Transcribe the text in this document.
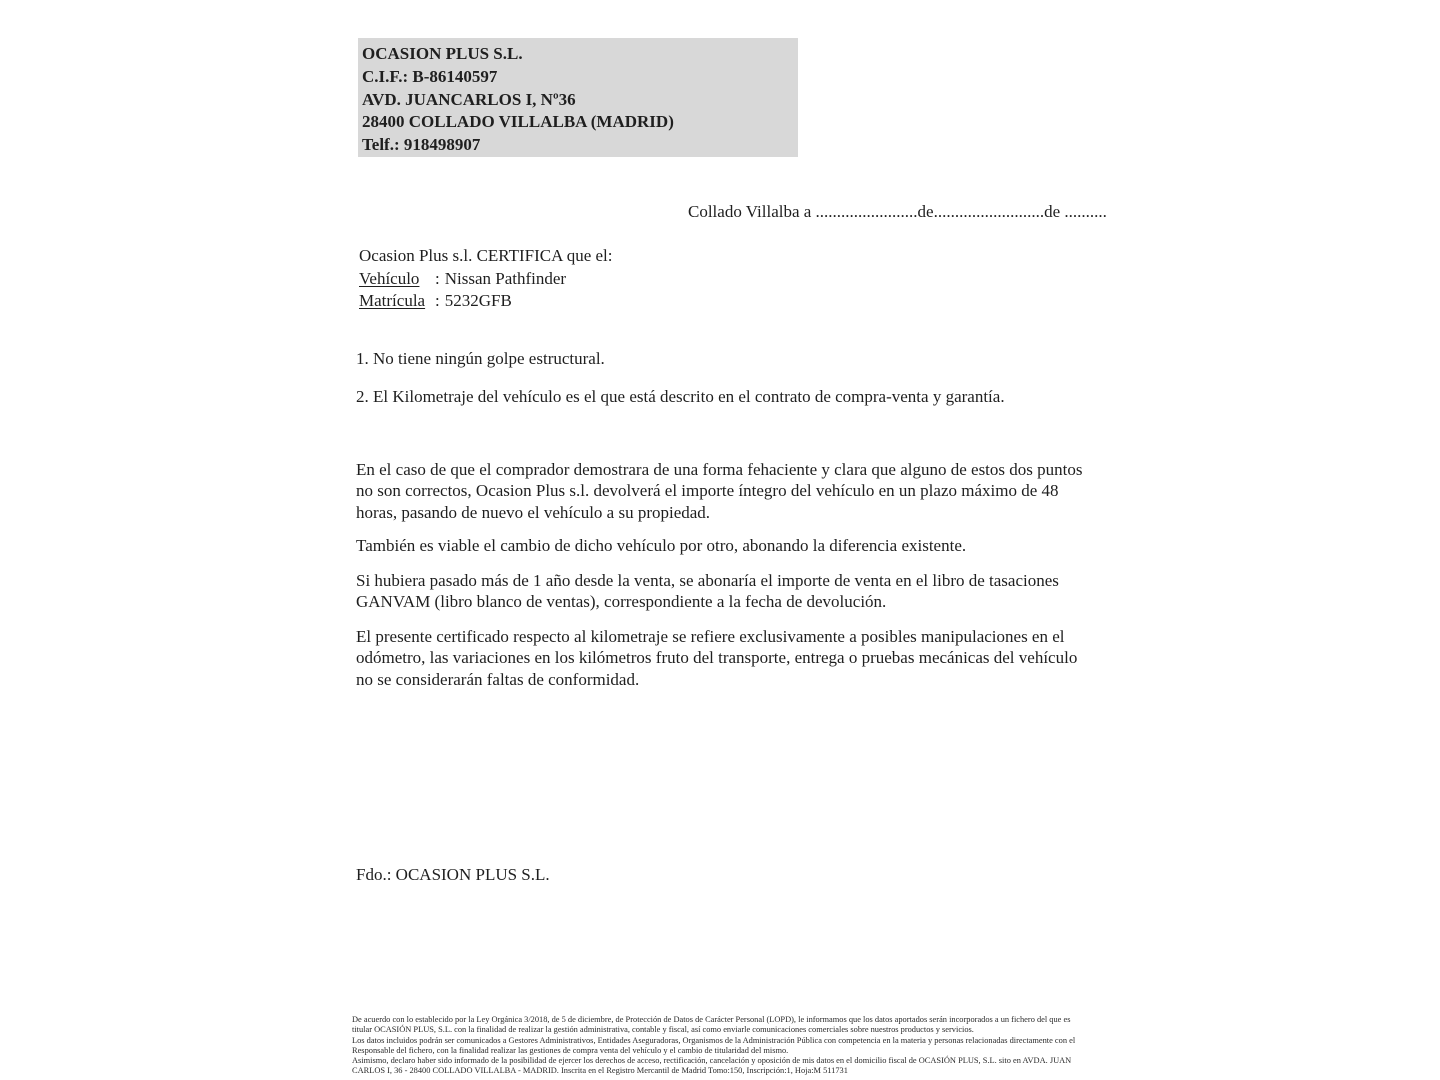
OCASION PLUS S.L.
C.I.F.: B-86140597
AVD. JUANCARLOS I, Nº36
28400 COLLADO VILLALBA (MADRID)
Telf.: 918498907
Collado Villalba a ........................de..........................de ..........
Ocasion Plus s.l. CERTIFICA que el:
Vehículo : Nissan Pathfinder
Matrícula : 5232GFB
1. No tiene ningún golpe estructural.
2. El Kilometraje del vehículo es el que está descrito en el contrato de compra-venta y garantía.
En el caso de que el comprador demostrara de una forma fehaciente y clara que alguno de estos dos puntos no son correctos, Ocasion Plus s.l. devolverá el importe íntegro del vehículo en un plazo máximo de 48 horas, pasando de nuevo el vehículo a su propiedad.
También es viable el cambio de dicho vehículo por otro, abonando la diferencia existente.
Si hubiera pasado más de 1 año desde la venta, se abonaría el importe de venta en el libro de tasaciones GANVAM (libro blanco de ventas), correspondiente a la fecha de devolución.
El presente certificado respecto al kilometraje se refiere exclusivamente a posibles manipulaciones en el odómetro, las variaciones en los kilómetros fruto del transporte, entrega o pruebas mecánicas del vehículo no se considerarán faltas de conformidad.
Fdo.: OCASION PLUS S.L.

De acuerdo con lo establecido por la Ley Orgánica 3/2018, de 5 de diciembre, de Protección de Datos de Carácter Personal (LOPD), le informamos que los datos aportados serán incorporados a un fichero del que es titular OCASIÓN PLUS, S.L. con la finalidad de realizar la gestión administrativa, contable y fiscal, así como enviarle comunicaciones comerciales sobre nuestros productos y servicios.

Los datos incluidos podrán ser comunicados a Gestores Administrativos, Entidades Aseguradoras, Organismos de la Administración Pública con competencia en la materia y personas relacionadas directamente con el Responsable del fichero, con la finalidad realizar las gestiones de compra venta del vehículo y el cambio de titularidad del mismo.

Asimismo, declaro haber sido informado de la posibilidad de ejercer los derechos de acceso, rectificación, cancelación y oposición de mis datos en el domicilio fiscal de OCASIÓN PLUS, S.L. sito en AVDA. JUAN CARLOS I, 36 - 28400 COLLADO VILLALBA - MADRID. Inscrita en el Registro Mercantil de Madrid Tomo:150, Inscripción:1, Hoja:M 511731
